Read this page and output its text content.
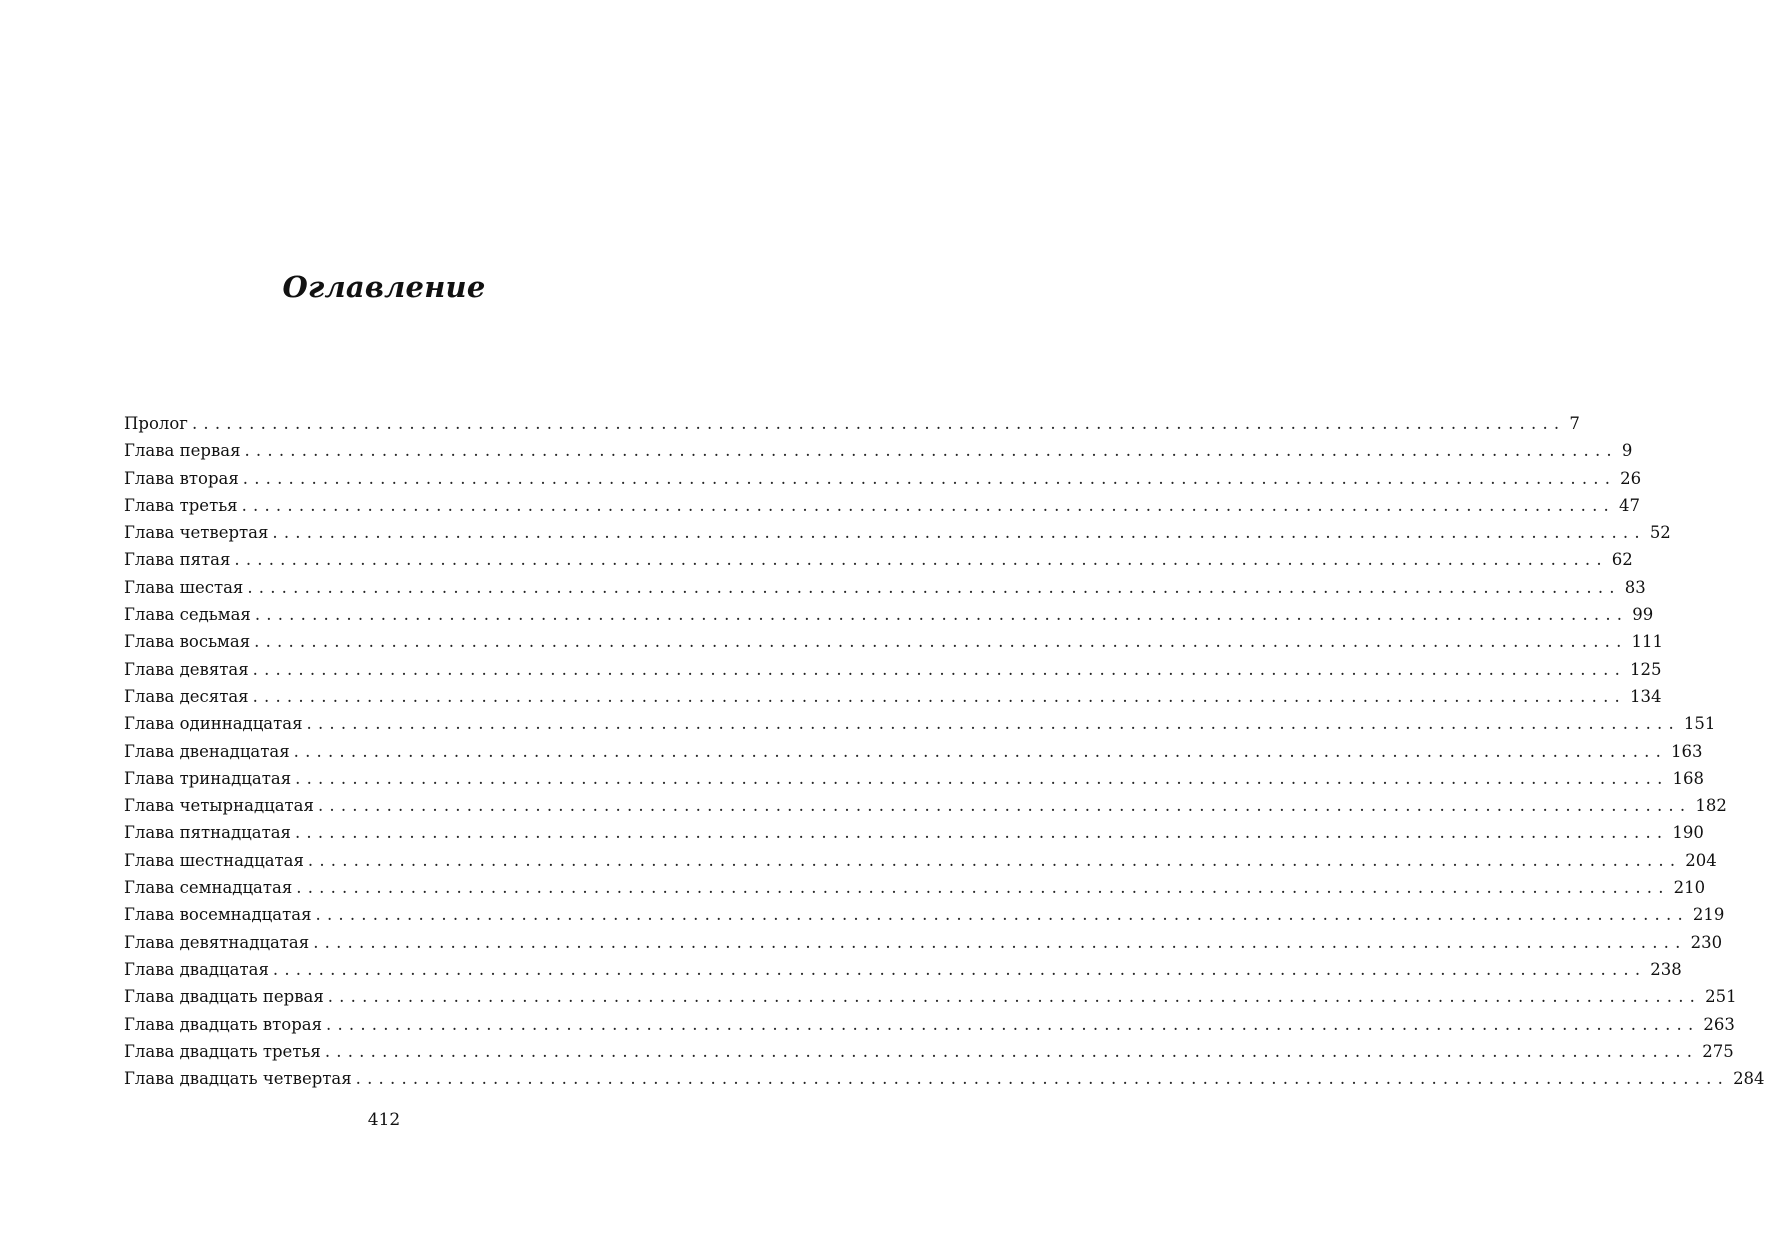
Оглавление
Пролог ........................................................................................................................ 7
Глава первая ........................................................................................................................ 9
Глава вторая ........................................................................................................................ 26
Глава третья ........................................................................................................................ 47
Глава четвертая ........................................................................................................................ 52
Глава пятая ........................................................................................................................ 62
Глава шестая ........................................................................................................................ 83
Глава седьмая ........................................................................................................................ 99
Глава восьмая ........................................................................................................................ 111
Глава девятая ........................................................................................................................ 125
Глава десятая ........................................................................................................................ 134
Глава одиннадцатая ........................................................................................................................ 151
Глава двенадцатая ........................................................................................................................ 163
Глава тринадцатая ........................................................................................................................ 168
Глава четырнадцатая ........................................................................................................................ 182
Глава пятнадцатая ........................................................................................................................ 190
Глава шестнадцатая ........................................................................................................................ 204
Глава семнадцатая ........................................................................................................................ 210
Глава восемнадцатая ........................................................................................................................ 219
Глава девятнадцатая ........................................................................................................................ 230
Глава двадцатая ........................................................................................................................ 238
Глава двадцать первая ........................................................................................................................ 251
Глава двадцать вторая ........................................................................................................................ 263
Глава двадцать третья ........................................................................................................................ 275
Глава двадцать четвертая ........................................................................................................................ 284
412
